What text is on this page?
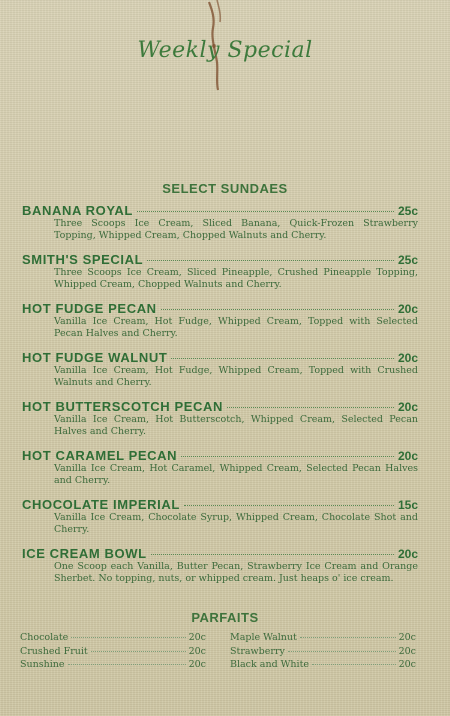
Weekly Special
SELECT SUNDAES
BANANA ROYAL	25c
Three Scoops Ice Cream, Sliced Banana, Quick-Frozen Strawberry Topping, Whipped Cream, Chopped Walnuts and Cherry.
SMITH'S SPECIAL	25c
Three Scoops Ice Cream, Sliced Pineapple, Crushed Pineapple Topping, Whipped Cream, Chopped Walnuts and Cherry.
HOT FUDGE PECAN	20c
Vanilla Ice Cream, Hot Fudge, Whipped Cream, Topped with Selected Pecan Halves and Cherry.
HOT FUDGE WALNUT	20c
Vanilla Ice Cream, Hot Fudge, Whipped Cream, Topped with Crushed Walnuts and Cherry.
HOT BUTTERSCOTCH PECAN	20c
Vanilla Ice Cream, Hot Butterscotch, Whipped Cream, Selected Pecan Halves and Cherry.
HOT CARAMEL PECAN	20c
Vanilla Ice Cream, Hot Caramel, Whipped Cream, Selected Pecan Halves and Cherry.
CHOCOLATE IMPERIAL	15c
Vanilla Ice Cream, Chocolate Syrup, Whipped Cream, Chocolate Shot and Cherry.
ICE CREAM BOWL	20c
One Scoop each Vanilla, Butter Pecan, Strawberry Ice Cream and Orange Sherbet. No topping, nuts, or whipped cream. Just heaps o' ice cream.
PARFAITS
Chocolate	20c
Crushed Fruit	20c
Sunshine	20c
Maple Walnut	20c
Strawberry	20c
Black and White	20c
